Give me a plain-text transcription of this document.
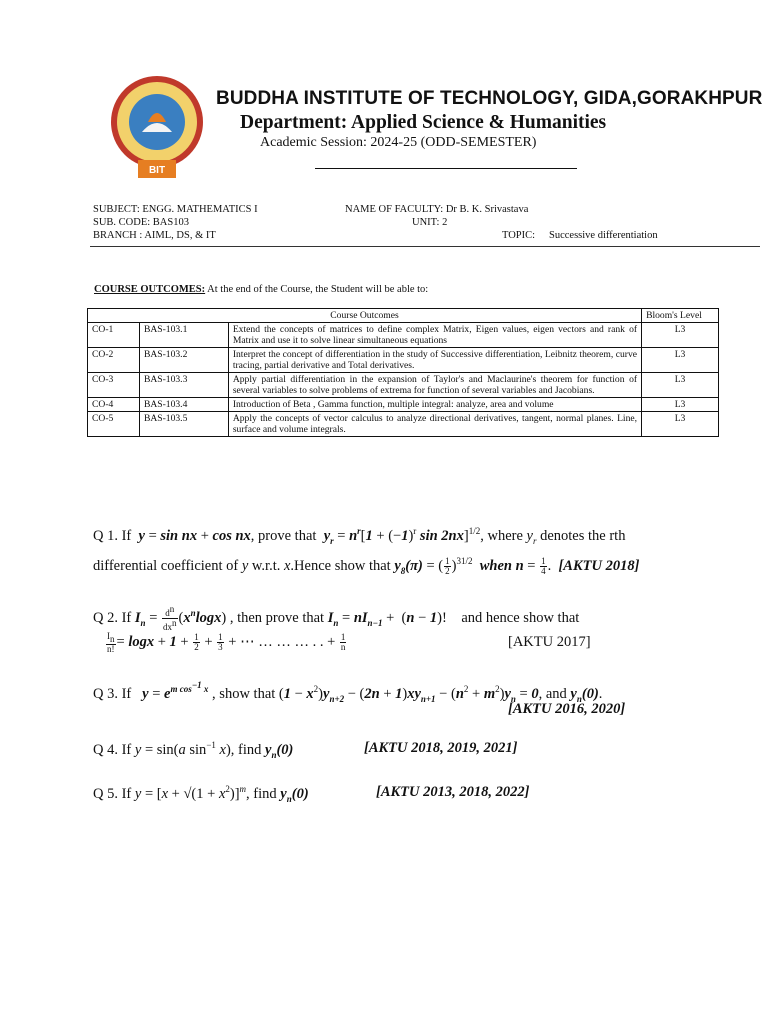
BIT
BUDDHA INSTITUTE OF TECHNOLOGY, GIDA,GORAKHPUR
Department: Applied Science & Humanities
Academic Session: 2024-25 (ODD-SEMESTER)
SUBJECT: ENGG. MATHEMATICS I
SUB. CODE: BAS103
BRANCH : AIML, DS, & IT
NAME OF FACULTY: Dr B. K. Srivastava
UNIT: 2
TOPIC: Successive differentiation
COURSE OUTCOMES: At the end of the Course, the Student will be able to:
Course Outcomes			Bloom's Level
CO-1	BAS-103.1	Extend the concepts of matrices to define complex Matrix, Eigen values, eigen vectors and rank of Matrix and use it to solve linear simultaneous equations	L3
CO-2	BAS-103.2	Interpret the concept of differentiation in the study of Successive differentiation, Leibnitz theorem, curve tracing, partial derivative and Total derivatives.	L3
CO-3	BAS-103.3	Apply partial differentiation in the expansion of Taylor's and Maclaurine's theorem for function of several variables to solve problems of extrema for function of several variables and Jacobians.	L3
CO-4	BAS-103.4	Introduction of Beta , Gamma function, multiple integral: analyze, area and volume	L3
CO-5	BAS-103.5	Apply the concepts of vector calculus to analyze directional derivatives, tangent, normal planes. Line, surface and volume integrals.	L3
Q 1. If y = sin nx + cos nx, prove that  $y_r = n^r[1 + (-1)^r$ sin 2nx]$^{1/2}$, where $y_r$ denotes the rth
differential coefficient of y w.r.t. x.Hence show that $y_8(\pi)$ = ( $\frac{1}{2} )^{31/2}$ when $n = \frac{1}{4}$ .  [AKTU 2018]
Q 2. If $I_n = \frac{d^n}{dx^n} (x^n\log x)$ , then prove that $I_n = nI_{n-1} + (n - 1)$!    and hence show that
$\frac{I_n}{n!} = \log x + 1 + \frac{1}{2} + \frac{1}{3}$ + ⋯ … … … . . + $\frac{1}{n}$	[AKTU 2017]
Q 3. If $y = e^{m cos^{-1} x}$ , show that $(1 - x^2)y_{n+2} - (2n + 1)xy_{n+1} - (n^2 + m^2)y_n = 0$, and $y_n(0)$.
[AKTU 2016, 2020]
Q 4. If y = sin(a $\sin^{-1} x$), find $y_n(0)$	[AKTU 2018, 2019, 2021]
Q 5. If $y = [x + √(1 + x^2)]^m$, find $y_n(0)$	[AKTU 2013, 2018, 2022]
